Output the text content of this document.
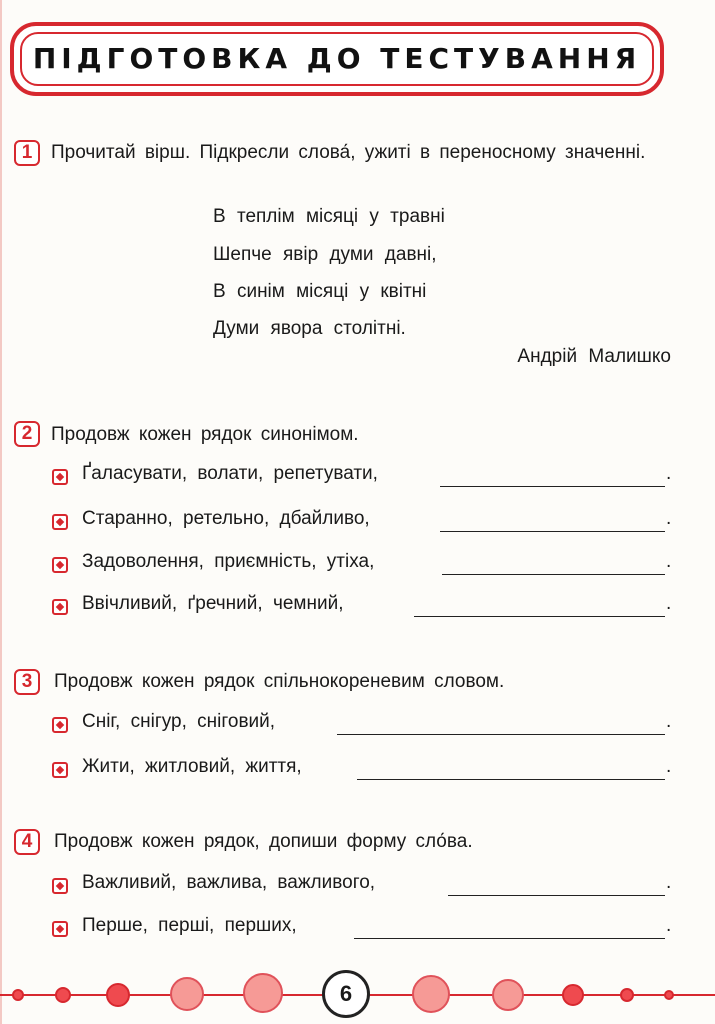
ПІДГОТОВКА ДО ТЕСТУВАННЯ
1 Прочитай вірш. Підкресли слова́, ужиті в переносному значенні.
В теплім місяці у травні
Шепче явір думи давні,
В синім місяці у квітні
Думи явора столітні.
Андрій Малишко
2 Продовж кожен рядок синонімом.
Ґаласувати, волати, репетувати,	.
Старанно, ретельно, дбайливо,	.
Задоволення, приємність, утіха,	.
Ввічливий, ґречний, чемний,	.
3	Продовж кожен рядок спільнокореневим словом.
Сніг, снігур, сніговий,	.
Жити, житловий, життя,	.
4	Продовж кожен рядок, допиши форму сло́ва.
Важливий, важлива, важливого,	.
Перше, перші, перших,	.
6
